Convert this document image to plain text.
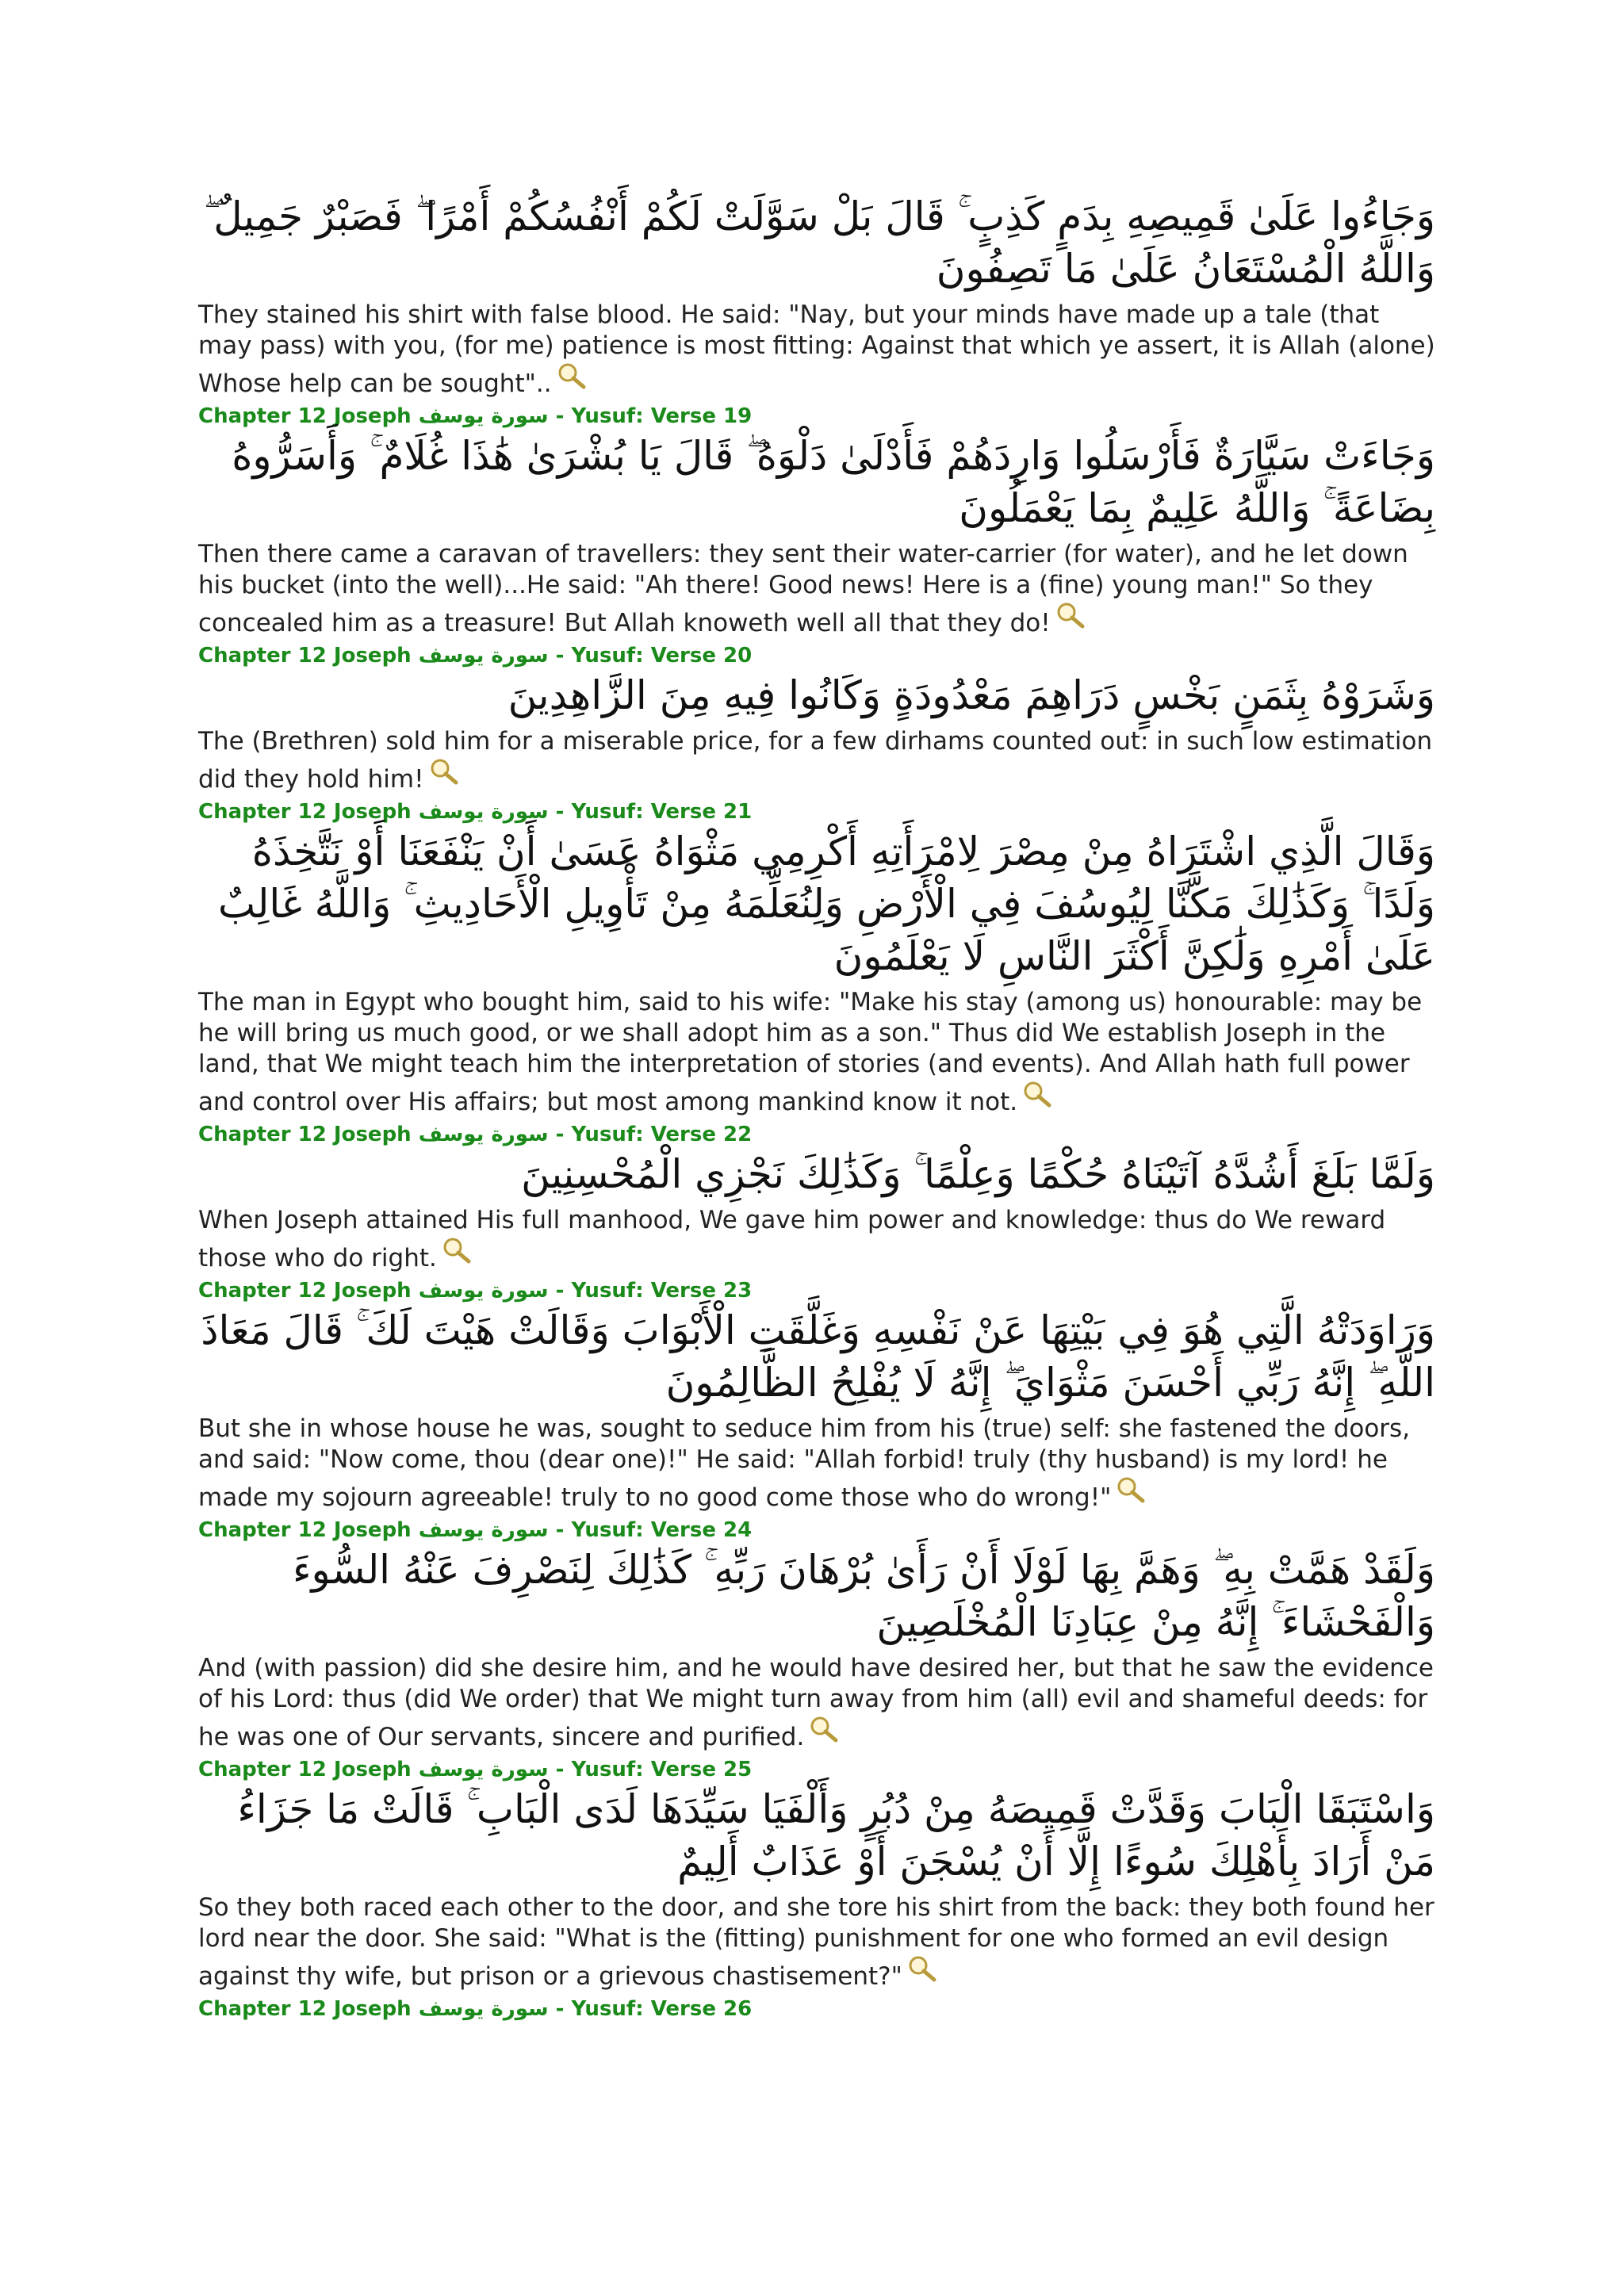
وَجَاءُوا عَلَىٰ قَمِيصِهِ بِدَمٍ كَذِبٍ ۚ قَالَ بَلْ سَوَّلَتْ لَكُمْ أَنْفُسُكُمْ أَمْرًا ۖ فَصَبْرٌ جَمِيلٌ ۖ وَاللَّهُ الْمُسْتَعَانُ عَلَىٰ مَا تَصِفُونَ

They stained his shirt with false blood. He said: "Nay, but your minds have made up a tale (that may pass) with you, (for me) patience is most fitting: Against that which ye assert, it is Allah (alone) Whose help can be sought"..

Chapter 12 Joseph سورة يوسف - Yusuf: Verse 19

وَجَاءَتْ سَيَّارَةٌ فَأَرْسَلُوا وَارِدَهُمْ فَأَدْلَىٰ دَلْوَهُ ۖ قَالَ يَا بُشْرَىٰ هَٰذَا غُلَامٌ ۚ وَأَسَرُّوهُ بِضَاعَةً ۚ وَاللَّهُ عَلِيمٌ بِمَا يَعْمَلُونَ

Then there came a caravan of travellers: they sent their water-carrier (for water), and he let down his bucket (into the well)...He said: "Ah there! Good news! Here is a (fine) young man!" So they concealed him as a treasure! But Allah knoweth well all that they do!

Chapter 12 Joseph سورة يوسف - Yusuf: Verse 20

وَشَرَوْهُ بِثَمَنٍ بَخْسٍ دَرَاهِمَ مَعْدُودَةٍ وَكَانُوا فِيهِ مِنَ الزَّاهِدِينَ

The (Brethren) sold him for a miserable price, for a few dirhams counted out: in such low estimation did they hold him!

Chapter 12 Joseph سورة يوسف - Yusuf: Verse 21

وَقَالَ الَّذِي اشْتَرَاهُ مِنْ مِصْرَ لِامْرَأَتِهِ أَكْرِمِي مَثْوَاهُ عَسَىٰ أَنْ يَنْفَعَنَا أَوْ نَتَّخِذَهُ وَلَدًا ۚ وَكَذَٰلِكَ مَكَّنَّا لِيُوسُفَ فِي الْأَرْضِ وَلِنُعَلِّمَهُ مِنْ تَأْوِيلِ الْأَحَادِيثِ ۚ وَاللَّهُ غَالِبٌ عَلَىٰ أَمْرِهِ وَلَٰكِنَّ أَكْثَرَ النَّاسِ لَا يَعْلَمُونَ

The man in Egypt who bought him, said to his wife: "Make his stay (among us) honourable: may be he will bring us much good, or we shall adopt him as a son." Thus did We establish Joseph in the land, that We might teach him the interpretation of stories (and events). And Allah hath full power and control over His affairs; but most among mankind know it not.

Chapter 12 Joseph سورة يوسف - Yusuf: Verse 22

وَلَمَّا بَلَغَ أَشُدَّهُ آتَيْنَاهُ حُكْمًا وَعِلْمًا ۚ وَكَذَٰلِكَ نَجْزِي الْمُحْسِنِينَ

When Joseph attained His full manhood, We gave him power and knowledge: thus do We reward those who do right.

Chapter 12 Joseph سورة يوسف - Yusuf: Verse 23

وَرَاوَدَتْهُ الَّتِي هُوَ فِي بَيْتِهَا عَنْ نَفْسِهِ وَغَلَّقَتِ الْأَبْوَابَ وَقَالَتْ هَيْتَ لَكَ ۚ قَالَ مَعَاذَ اللَّهِ ۖ إِنَّهُ رَبِّي أَحْسَنَ مَثْوَايَ ۖ إِنَّهُ لَا يُفْلِحُ الظَّالِمُونَ

But she in whose house he was, sought to seduce him from his (true) self: she fastened the doors, and said: "Now come, thou (dear one)!" He said: "Allah forbid! truly (thy husband) is my lord! he made my sojourn agreeable! truly to no good come those who do wrong!"

Chapter 12 Joseph سورة يوسف - Yusuf: Verse 24

وَلَقَدْ هَمَّتْ بِهِ ۖ وَهَمَّ بِهَا لَوْلَا أَنْ رَأَىٰ بُرْهَانَ رَبِّهِ ۚ كَذَٰلِكَ لِنَصْرِفَ عَنْهُ السُّوءَ وَالْفَحْشَاءَ ۚ إِنَّهُ مِنْ عِبَادِنَا الْمُخْلَصِينَ

And (with passion) did she desire him, and he would have desired her, but that he saw the evidence of his Lord: thus (did We order) that We might turn away from him (all) evil and shameful deeds: for he was one of Our servants, sincere and purified.

Chapter 12 Joseph سورة يوسف - Yusuf: Verse 25

وَاسْتَبَقَا الْبَابَ وَقَدَّتْ قَمِيصَهُ مِنْ دُبُرٍ وَأَلْفَيَا سَيِّدَهَا لَدَى الْبَابِ ۚ قَالَتْ مَا جَزَاءُ مَنْ أَرَادَ بِأَهْلِكَ سُوءًا إِلَّا أَنْ يُسْجَنَ أَوْ عَذَابٌ أَلِيمٌ

So they both raced each other to the door, and she tore his shirt from the back: they both found her lord near the door. She said: "What is the (fitting) punishment for one who formed an evil design against thy wife, but prison or a grievous chastisement?"

Chapter 12 Joseph سورة يوسف - Yusuf: Verse 26
